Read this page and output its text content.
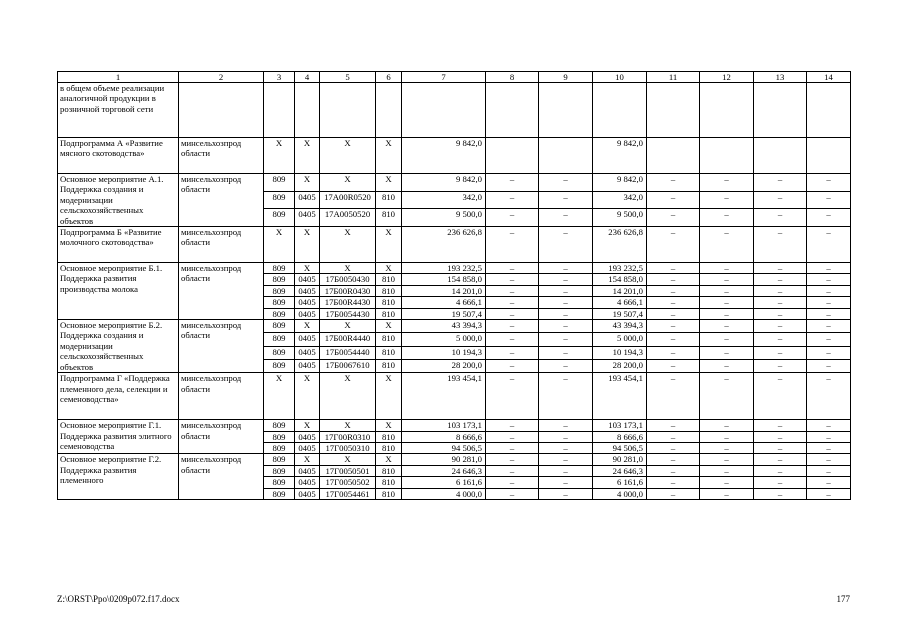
1	2	3	4	5	6	7	8	9	10	11	12	13	14
в общем объеме реализации аналогичной продукции в розничной торговой сети													
Подпрограмма А «Развитие мясного скотоводства»	минсельхозпрод области	Х	Х	Х	Х	9 842,0			9 842,0				
Основное мероприятие А.1. Поддержка создания и модернизации сельскохозяйственных объектов	минсельхозпрод области	809	Х	Х	Х	9 842,0	–	–	9 842,0	–	–	–	–
		809	0405	17А00R0520	810	342,0	–	–	342,0	–	–	–	–
		809	0405	17А0050520	810	9 500,0	–	–	9 500,0	–	–	–	–
Подпрограмма Б «Развитие молочного скотоводства»	минсельхозпрод области	Х	Х	Х	Х	236 626,8	–	–	236 626,8	–	–	–	–
Основное мероприятие Б.1. Поддержка развития производства молока	минсельхозпрод области	809	Х	Х	Х	193 232,5	–	–	193 232,5	–	–	–	–
		809	0405	17Б0050430	810	154 858,0	–	–	154 858,0	–	–	–	–
		809	0405	17Б00R0430	810	14 201,0	–	–	14 201,0	–	–	–	–
		809	0405	17Б00R4430	810	4 666,1	–	–	4 666,1	–	–	–	–
		809	0405	17Б0054430	810	19 507,4	–	–	19 507,4	–	–	–	–
Основное мероприятие Б.2. Поддержка создания и модернизации сельскохозяйственных объектов	минсельхозпрод области	809	Х	Х	Х	43 394,3	–	–	43 394,3	–	–	–	–
		809	0405	17Б00R4440	810	5 000,0	–	–	5 000,0	–	–	–	–
		809	0405	17Б0054440	810	10 194,3	–	–	10 194,3	–	–	–	–
		809	0405	17Б0067610	810	28 200,0	–	–	28 200,0	–	–	–	–
Подпрограмма Г «Поддержка племенного дела, селекции и семеноводства»	минсельхозпрод области	Х	Х	Х	Х	193 454,1	–	–	193 454,1	–	–	–	–
Основное мероприятие Г.1. Поддержка развития элитного семеноводства	минсельхозпрод области	809	Х	Х	Х	103 173,1	–	–	103 173,1	–	–	–	–
		809	0405	17Г00R0310	810	8 666,6	–	–	8 666,6	–	–	–	–
		809	0405	17Г0050310	810	94 506,5	–	–	94 506,5	–	–	–	–
Основное мероприятие Г.2. Поддержка развития племенного	минсельхозпрод области	809	Х	Х	Х	90 281,0	–	–	90 281,0	–	–	–	–
		809	0405	17Г0050501	810	24 646,3	–	–	24 646,3	–	–	–	–
		809	0405	17Г0050502	810	6 161,6	–	–	6 161,6	–	–	–	–
		809	0405	17Г0054461	810	4 000,0	–	–	4 000,0	–	–	–	–
Z:\ORST\Ppo\0209p072.f17.docx	177
